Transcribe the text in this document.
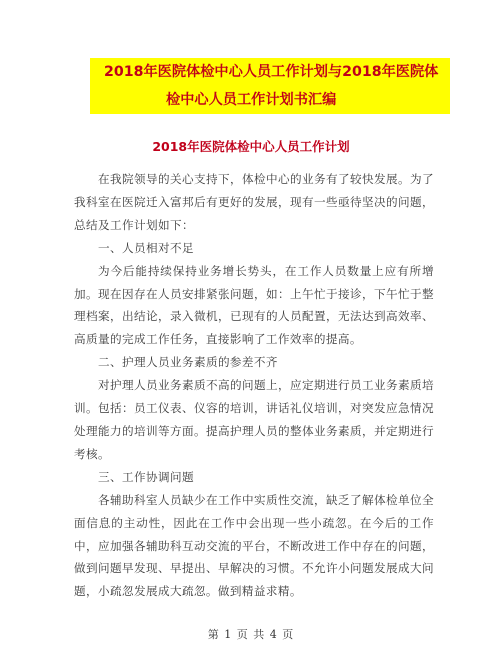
2018年医院体检中心人员工作计划与2018年医院体
检中心人员工作计划书汇编
2018年医院体检中心人员工作计划

在我院领导的关心支持下，体检中心的业务有了较快发展。为了我科室在医院迁入富邦后有更好的发展，现有一些亟待坚决的问题，总结及工作计划如下：

一、人员相对不足

为今后能持续保持业务增长势头，在工作人员数量上应有所增加。现在因存在人员安排紧张问题，如：上午忙于接诊，下午忙于整理档案，出结论，录入微机，已现有的人员配置，无法达到高效率、高质量的完成工作任务，直接影响了工作效率的提高。

二、护理人员业务素质的参差不齐

对护理人员业务素质不高的问题上，应定期进行员工业务素质培训。包括：员工仪表、仪容的培训，讲话礼仪培训，对突发应急情况处理能力的培训等方面。提高护理人员的整体业务素质，并定期进行考核。

三、工作协调问题

各辅助科室人员缺少在工作中实质性交流，缺乏了解体检单位全面信息的主动性，因此在工作中会出现一些小疏忽。在今后的工作中，应加强各辅助科互动交流的平台，不断改进工作中存在的问题，做到问题早发现、早提出、早解决的习惯。不允许小问题发展成大问题，小疏忽发展成大疏忽。做到精益求精。

第 1 页 共 4 页
